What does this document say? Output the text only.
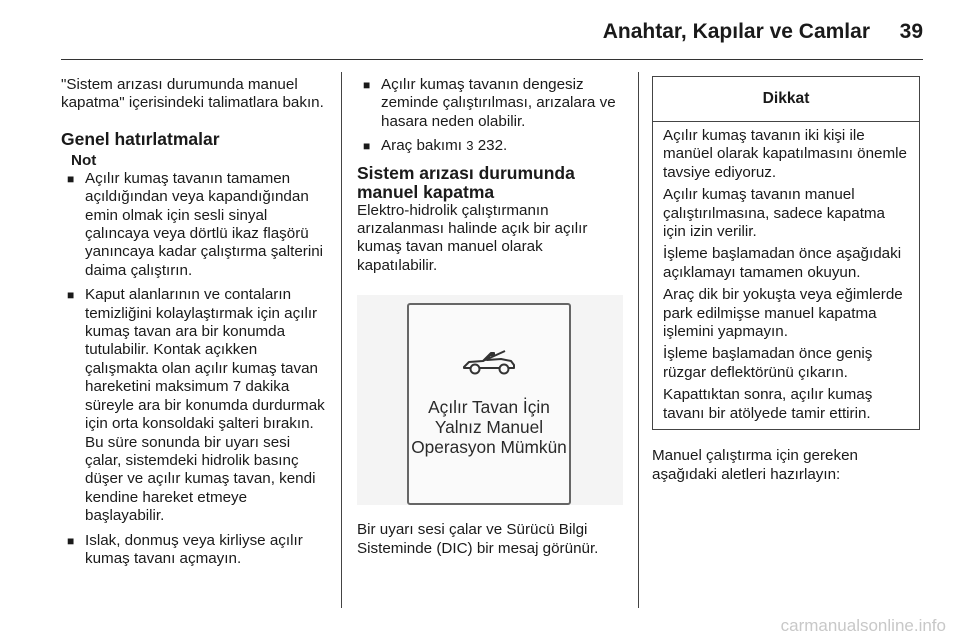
Anahtar, Kapılar ve Camlar 39

"Sistem arızası durumunda manuel kapatma" içerisindeki talimatlara bakın.

Genel hatırlatmalar
Not
■ Açılır kumaş tavanın tamamen açıldığından veya kapandığından emin olmak için sesli sinyal çalıncaya veya dörtlü ikaz flaşörü yanıncaya kadar çalıştırma şalterini daima çalıştırın.
■ Kaput alanlarının ve contaların temizliğini kolaylaştırmak için açılır kumaş tavan ara bir konumda tutulabilir. Kontak açıkken çalışmakta olan açılır kumaş tavan hareketini maksimum 7 dakika süreyle ara bir konumda durdurmak için orta konsoldaki şalteri bırakın. Bu süre sonunda bir uyarı sesi çalar, sistemdeki hidrolik basınç düşer ve açılır kumaş tavan, kendi kendine hareket etmeye başlayabilir.
■ Islak, donmuş veya kirliyse açılır kumaş tavanı açmayın.
■ Açılır kumaş tavanın dengesiz zeminde çalıştırılması, arızalara ve hasara neden olabilir.
■ Araç bakımı 3 232.
Sistem arızası durumunda manuel kapatma

Elektro-hidrolik çalıştırmanın arızalanması halinde açık bir açılır kumaş tavan manuel olarak kapatılabilir.

Açılır Tavan İçin Yalnız Manuel Operasyon Mümkün

Bir uyarı sesi çalar ve Sürücü Bilgi Sisteminde (DIC) bir mesaj görünür.

Dikkat

Açılır kumaş tavanın iki kişi ile manüel olarak kapatılmasını önemle tavsiye ediyoruz.

Açılır kumaş tavanın manuel çalıştırılmasına, sadece kapatma için izin verilir.

İşleme başlamadan önce aşağıdaki açıklamayı tamamen okuyun.

Araç dik bir yokuşta veya eğimlerde park edilmişse manuel kapatma işlemini yapmayın.

İşleme başlamadan önce geniş rüzgar deflektörünü çıkarın.

Kapattıktan sonra, açılır kumaş tavanı bir atölyede tamir ettirin.

Manuel çalıştırma için gereken aşağıdaki aletleri hazırlayın:

carmanualsonline.info
